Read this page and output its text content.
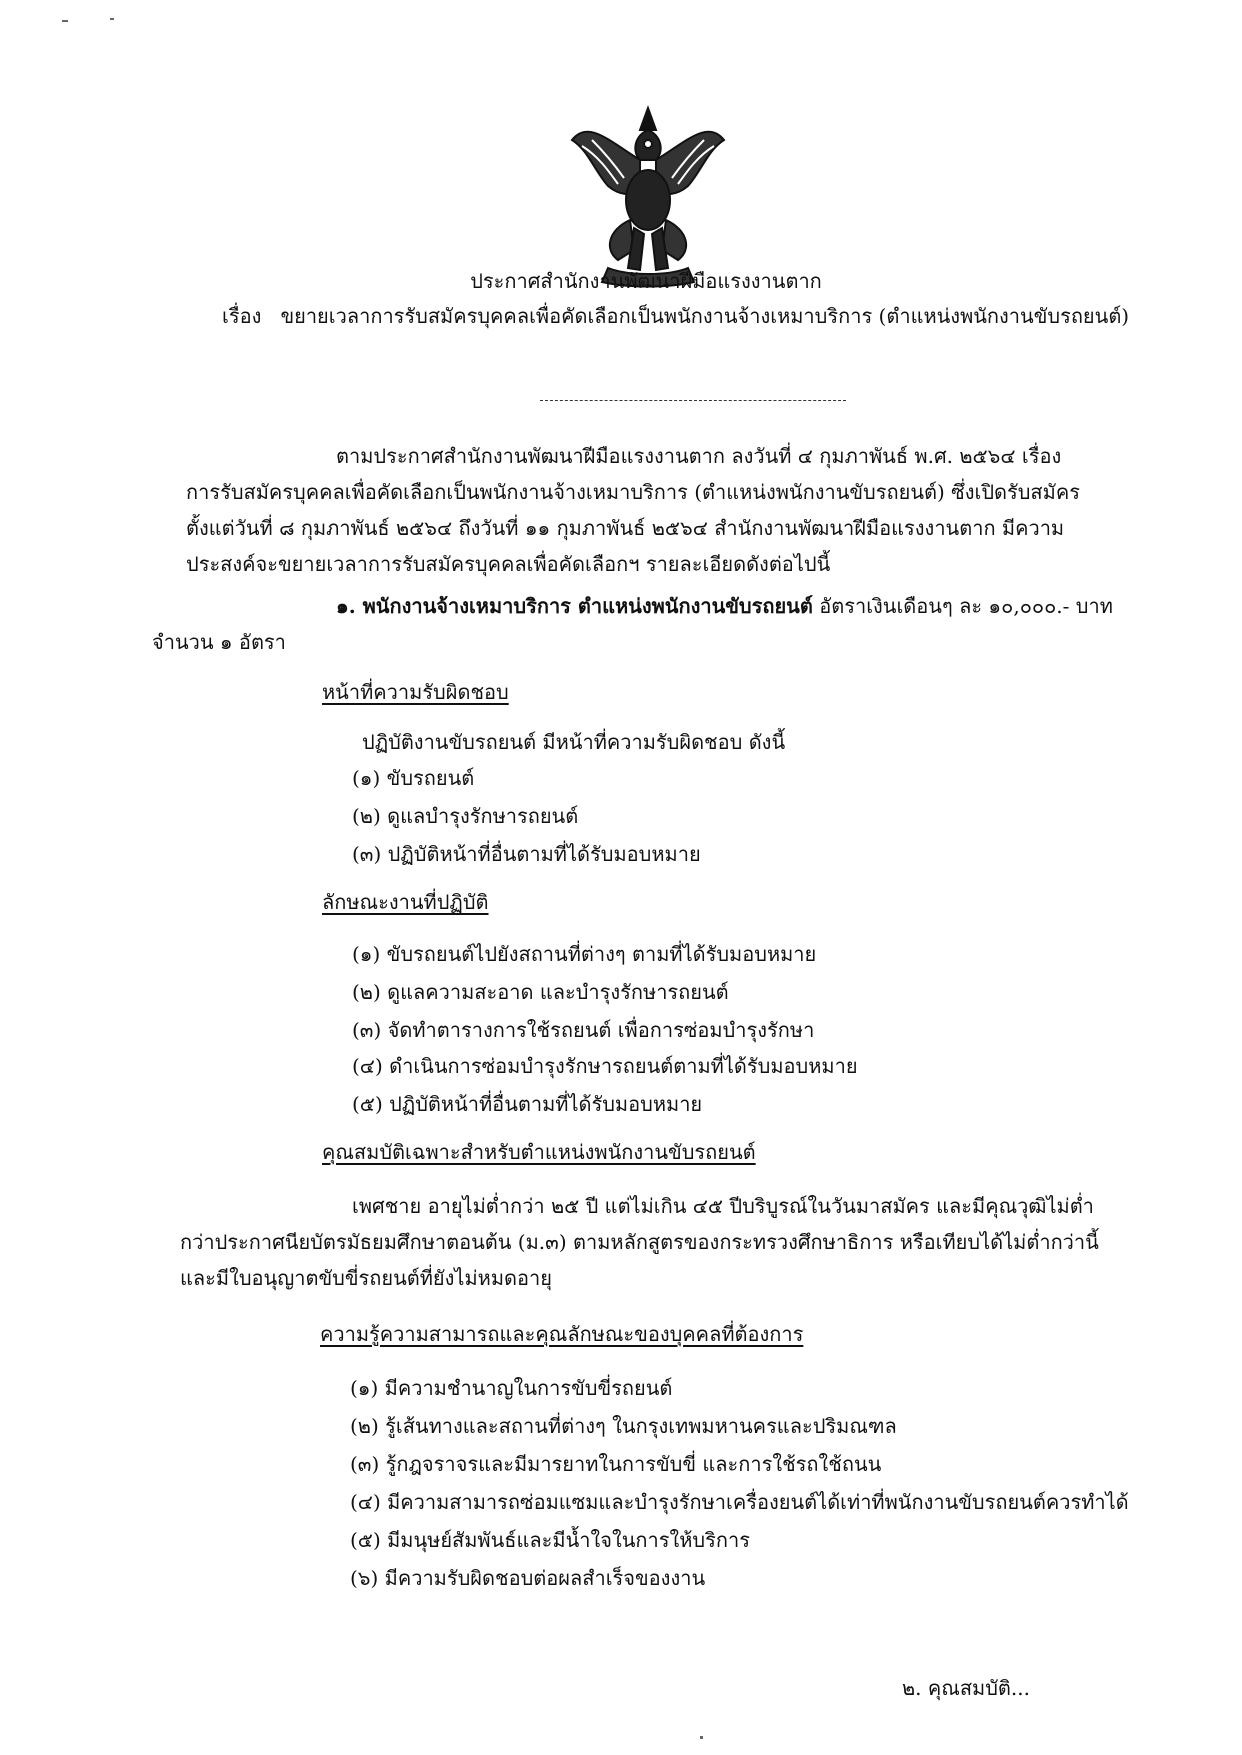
ประกาศสำนักงานพัฒนาฝีมือแรงงานตาก
เรื่อง ขยายเวลาการรับสมัครบุคคลเพื่อคัดเลือกเป็นพนักงานจ้างเหมาบริการ (ตำแหน่งพนักงานขับรถยนต์)
ตามประกาศสำนักงานพัฒนาฝีมือแรงงานตาก ลงวันที่ ๔ กุมภาพันธ์ พ.ศ. ๒๕๖๔ เรื่อง
การรับสมัครบุคคลเพื่อคัดเลือกเป็นพนักงานจ้างเหมาบริการ (ตำแหน่งพนักงานขับรถยนต์) ซึ่งเปิดรับสมัคร
ตั้งแต่วันที่ ๘ กุมภาพันธ์ ๒๕๖๔ ถึงวันที่ ๑๑ กุมภาพันธ์ ๒๕๖๔ สำนักงานพัฒนาฝีมือแรงงานตาก มีความ
ประสงค์จะขยายเวลาการรับสมัครบุคคลเพื่อคัดเลือกฯ รายละเอียดดังต่อไปนี้
๑. พนักงานจ้างเหมาบริการ ตำแหน่งพนักงานขับรถยนต์ อัตราเงินเดือนๆ ละ ๑๐,๐๐๐.- บาท
จำนวน ๑ อัตรา
หน้าที่ความรับผิดชอบ
ปฏิบัติงานขับรถยนต์ มีหน้าที่ความรับผิดชอบ ดังนี้
(๑) ขับรถยนต์
(๒) ดูแลบำรุงรักษารถยนต์
(๓) ปฏิบัติหน้าที่อื่นตามที่ได้รับมอบหมาย
ลักษณะงานที่ปฏิบัติ
(๑) ขับรถยนต์ไปยังสถานที่ต่างๆ ตามที่ได้รับมอบหมาย
(๒) ดูแลความสะอาด และบำรุงรักษารถยนต์
(๓) จัดทำตารางการใช้รถยนต์ เพื่อการซ่อมบำรุงรักษา
(๔) ดำเนินการซ่อมบำรุงรักษารถยนต์ตามที่ได้รับมอบหมาย
(๕) ปฏิบัติหน้าที่อื่นตามที่ได้รับมอบหมาย
คุณสมบัติเฉพาะสำหรับตำแหน่งพนักงานขับรถยนต์
เพศชาย อายุไม่ต่ำกว่า ๒๕ ปี แต่ไม่เกิน ๔๕ ปีบริบูรณ์ในวันมาสมัคร และมีคุณวุฒิไม่ต่ำ
กว่าประกาศนียบัตรมัธยมศึกษาตอนต้น (ม.๓) ตามหลักสูตรของกระทรวงศึกษาธิการ หรือเทียบได้ไม่ต่ำกว่านี้
และมีใบอนุญาตขับขี่รถยนต์ที่ยังไม่หมดอายุ
ความรู้ความสามารถและคุณลักษณะของบุคคลที่ต้องการ
(๑) มีความชำนาญในการขับขี่รถยนต์
(๒) รู้เส้นทางและสถานที่ต่างๆ ในกรุงเทพมหานครและปริมณฑล
(๓) รู้กฎจราจรและมีมารยาทในการขับขี่ และการใช้รถใช้ถนน
(๔) มีความสามารถซ่อมแซมและบำรุงรักษาเครื่องยนต์ได้เท่าที่พนักงานขับรถยนต์ควรทำได้
(๕) มีมนุษย์สัมพันธ์และมีน้ำใจในการให้บริการ
(๖) มีความรับผิดชอบต่อผลสำเร็จของงาน
๒. คุณสมบัติ...
